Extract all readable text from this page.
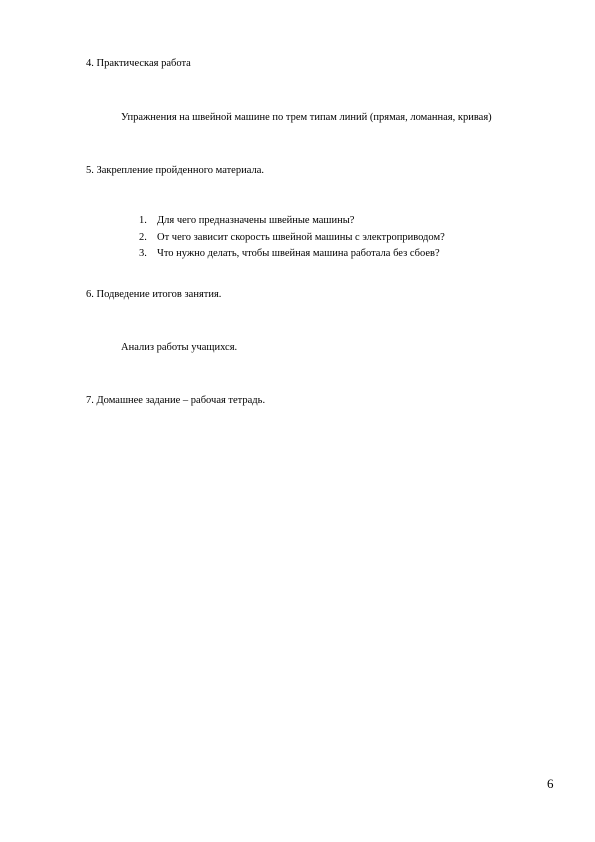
4. Практическая работа
Упражнения на швейной машине по трем типам линий (прямая, ломанная, кривая)
5. Закрепление пройденного материала.
1. Для чего предназначены швейные машины?
2. От чего зависит скорость швейной машины с электроприводом?
3. Что нужно делать, чтобы швейная машина работала без сбоев?
6. Подведение итогов занятия.
Анализ работы учащихся.
7. Домашнее задание – рабочая тетрадь.
6
